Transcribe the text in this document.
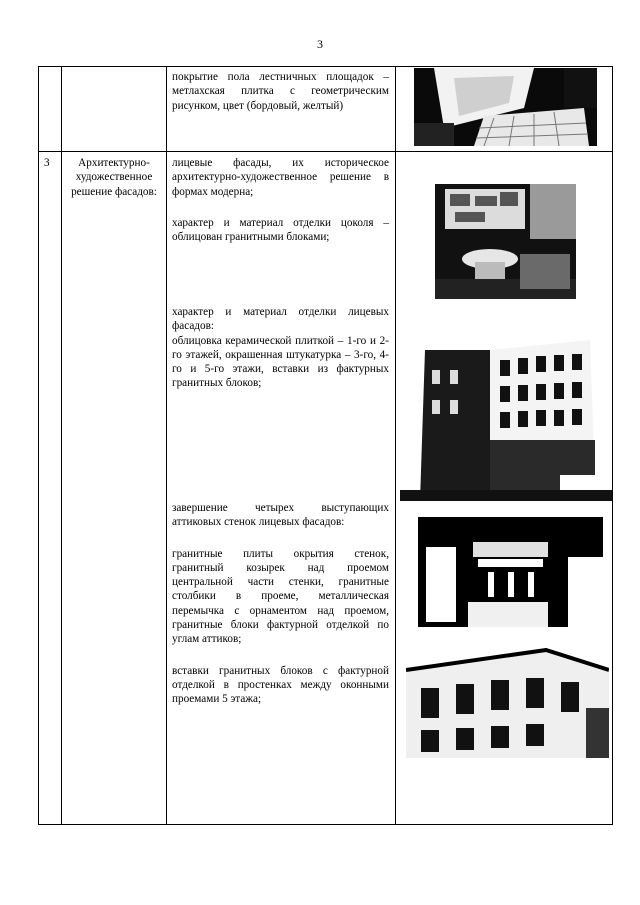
3

покрытие пола лестничных площадок – метлахская плитка с геометрическим рисунком, цвет (бордовый, желтый)

3	Архитектурно-художественное решение фасадов:

лицевые фасады, их историческое архитектурно-художественное решение в формах модерна;

характер и материал отделки цоколя – облицован гранитными блоками;

характер и материал отделки лицевых фасадов:

облицовка керамической плиткой – 1-го и 2-го этажей, окрашенная штукатурка – 3-го, 4-го и 5-го этажи, вставки из фактурных гранитных блоков;

завершение четырех выступающих аттиковых стенок лицевых фасадов:

гранитные плиты окрытия стенок, гранитный козырек над проемом центральной части стенки, гранитные столбики в проеме, металлическая перемычка с орнаментом над проемом, гранитные блоки фактурной отделкой по углам аттиков;

вставки гранитных блоков с фактурной отделкой в простенках между оконными проемами 5 этажа;
